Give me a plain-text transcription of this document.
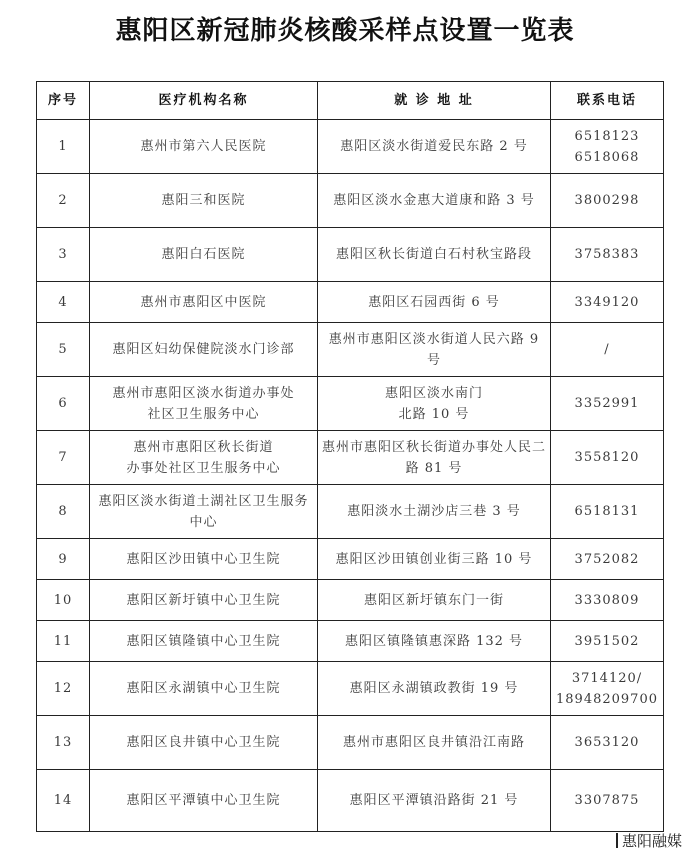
惠阳区新冠肺炎核酸采样点设置一览表
序号	医疗机构名称	就 诊 地 址	联系电话
1	惠州市第六人民医院	惠阳区淡水街道爱民东路 2 号	6518123
6518068
2	惠阳三和医院	惠阳区淡水金惠大道康和路 3 号	3800298
3	惠阳白石医院	惠阳区秋长街道白石村秋宝路段	3758383
4	惠州市惠阳区中医院	惠阳区石园西街 6 号	3349120
5	惠阳区妇幼保健院淡水门诊部	惠州市惠阳区淡水街道人民六路 9 号	/
6	惠州市惠阳区淡水街道办事处
社区卫生服务中心	惠阳区淡水南门
北路 10 号	3352991
7	惠州市惠阳区秋长街道
办事处社区卫生服务中心	惠州市惠阳区秋长街道办事处人民二路 81 号	3558120
8	惠阳区淡水街道土湖社区卫生服务中心	惠阳淡水土湖沙店三巷 3 号	6518131
9	惠阳区沙田镇中心卫生院	惠阳区沙田镇创业街三路 10 号	3752082
10	惠阳区新圩镇中心卫生院	惠阳区新圩镇东门一街	3330809
11	惠阳区镇隆镇中心卫生院	惠阳区镇隆镇惠深路 132 号	3951502
12	惠阳区永湖镇中心卫生院	惠阳区永湖镇政教街 19 号	3714120/
18948209700
13	惠阳区良井镇中心卫生院	惠州市惠阳区良井镇沿江南路	3653120
14	惠阳区平潭镇中心卫生院	惠阳区平潭镇沿路街 21 号	3307875
惠阳融媒
